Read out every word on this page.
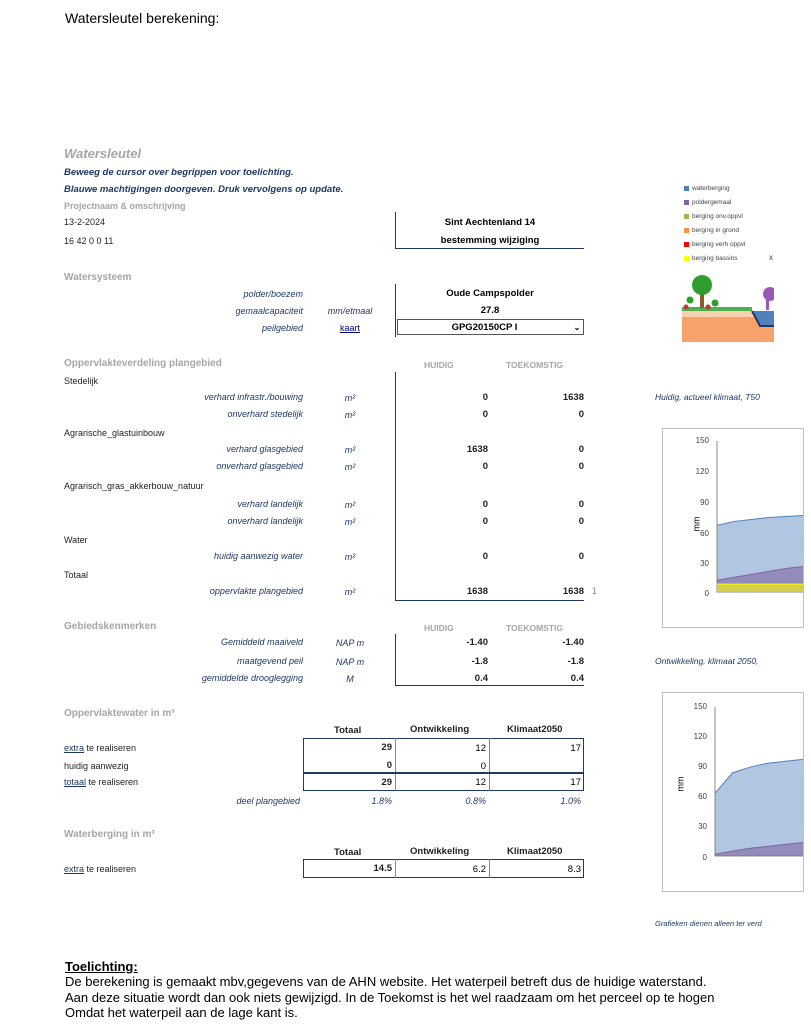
Watersleutel berekening:
Watersleutel
Beweeg de cursor over begrippen voor toelichting.
Blauwe machtigingen doorgeven. Druk vervolgens op update.
Projectnaam & omschrijving
13-2-2024
16 42 0 0 11
Sint Aechtenland 14
bestemming wijziging
Watersysteem
polder/boezem	Oude Campspolder
gemaalcapaciteit	mm/etmaal	27.8
peilgebied	kaart	GPG20150CP I	⌄
Oppervlakteverdeling plangebied	HUIDIG	TOEKOMSTIG
Stedelijk
verhard infrastr./bouwing	m²	0	1638
onverhard stedelijk	m²	0	0
Agrarische_glastuinbouw
verhard glasgebied	m²	1638	0
onverhard glasgebied	m²	0	0
Agrarisch_gras_akkerbouw_natuur
verhard landelijk	m²	0	0
onverhard landelijk	m²	0	0
Water
huidig aanwezig water	m²	0	0
Totaal
oppervlakte plangebied	m²	1638	1638 1
Gebiedskenmerken	HUIDIG	TOEKOMSTIG
Gemiddeld maaiveld	NAP m	-1.40	-1.40
maatgevend peil	NAP m	-1.8	-1.8
gemiddelde drooglegging	M	0.4	0.4
Oppervlaktewater in m³
Totaal	Ontwikkeling	Klimaat2050
extra te realiseren	29	12	17
huidig aanwezig	0	0
totaal te realiseren	29	12	17
deel plangebied	1.8%	0.8%	1.0%
Waterberging in m³
Totaal	Ontwikkeling	Klimaat2050
extra te realiseren	14.5	6.2	8.3
waterberging
poldergemaal
berging onv.oppvl
berging in grond
berging verh oppvl
berging bassins	x
Huidig, actueel klimaat, T50
mm
150
120
90
60
30
0
Ontwikkeling, klimaat 2050,
mm
150
120
90
60
30
0
Grafieken dienen alleen ter verd
Toelichting:
De berekening is gemaakt mbv,gegevens van de AHN website. Het waterpeil betreft dus de huidige waterstand.
Aan deze situatie wordt dan ook niets gewijzigd. In de Toekomst is het wel raadzaam om het perceel op te hogen
Omdat het waterpeil aan de lage kant is.
